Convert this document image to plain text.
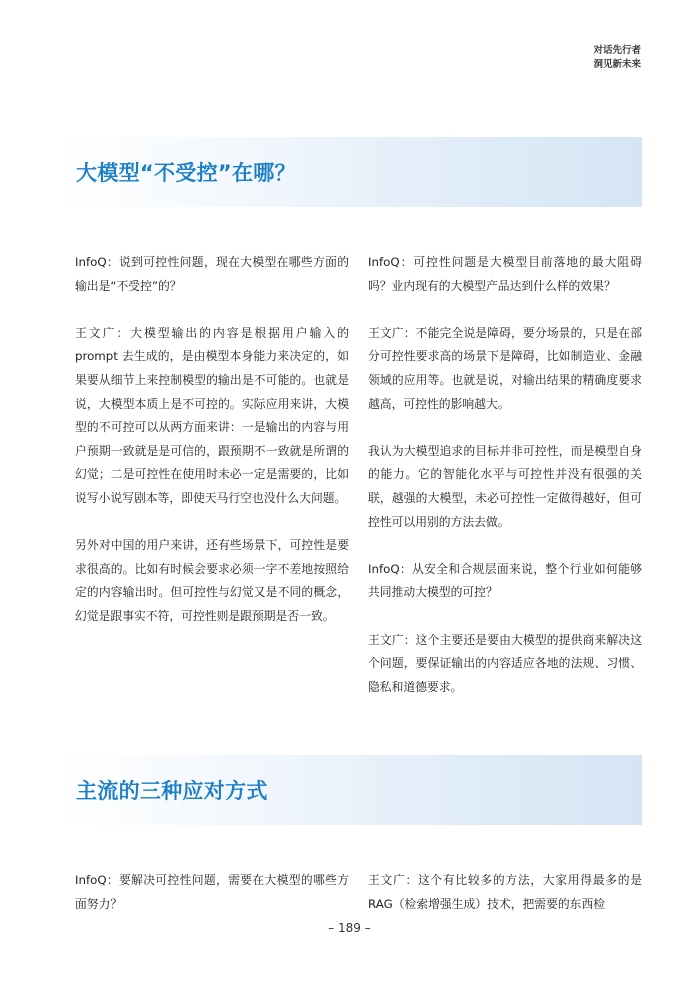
对话先行者
洞见新未来
大模型“不受控”在哪？

InfoQ：说到可控性问题，现在大模型在哪些方面的输出是“不受控”的？

王文广：大模型输出的内容是根据用户输入的 prompt 去生成的，是由模型本身能力来决定的，如果要从细节上来控制模型的输出是不可能的。也就是说，大模型本质上是不可控的。实际应用来讲，大模型的不可控可以从两方面来讲：一是输出的内容与用户预期一致就是是可信的，跟预期不一致就是所谓的幻觉；二是可控性在使用时未必一定是需要的，比如说写小说写剧本等，即使天马行空也没什么大问题。

另外对中国的用户来讲，还有些场景下，可控性是要求很高的。比如有时候会要求必须一字不差地按照给定的内容输出时。但可控性与幻觉又是不同的概念，幻觉是跟事实不符，可控性则是跟预期是否一致。

InfoQ：可控性问题是大模型目前落地的最大阻碍吗？业内现有的大模型产品达到什么样的效果？

王文广：不能完全说是障碍，要分场景的，只是在部分可控性要求高的场景下是障碍，比如制造业、金融领域的应用等。也就是说，对输出结果的精确度要求越高，可控性的影响越大。

我认为大模型追求的目标并非可控性，而是模型自身的能力。它的智能化水平与可控性并没有很强的关联，越强的大模型，未必可控性一定做得越好，但可控性可以用别的方法去做。

InfoQ：从安全和合规层面来说，整个行业如何能够共同推动大模型的可控？

王文广：这个主要还是要由大模型的提供商来解决这个问题，要保证输出的内容适应各地的法规、习惯、隐私和道德要求。

主流的三种应对方式

InfoQ：要解决可控性问题，需要在大模型的哪些方面努力？

王文广：这个有比较多的方法，大家用得最多的是 RAG（检索增强生成）技术，把需要的东西检

– 189 –
